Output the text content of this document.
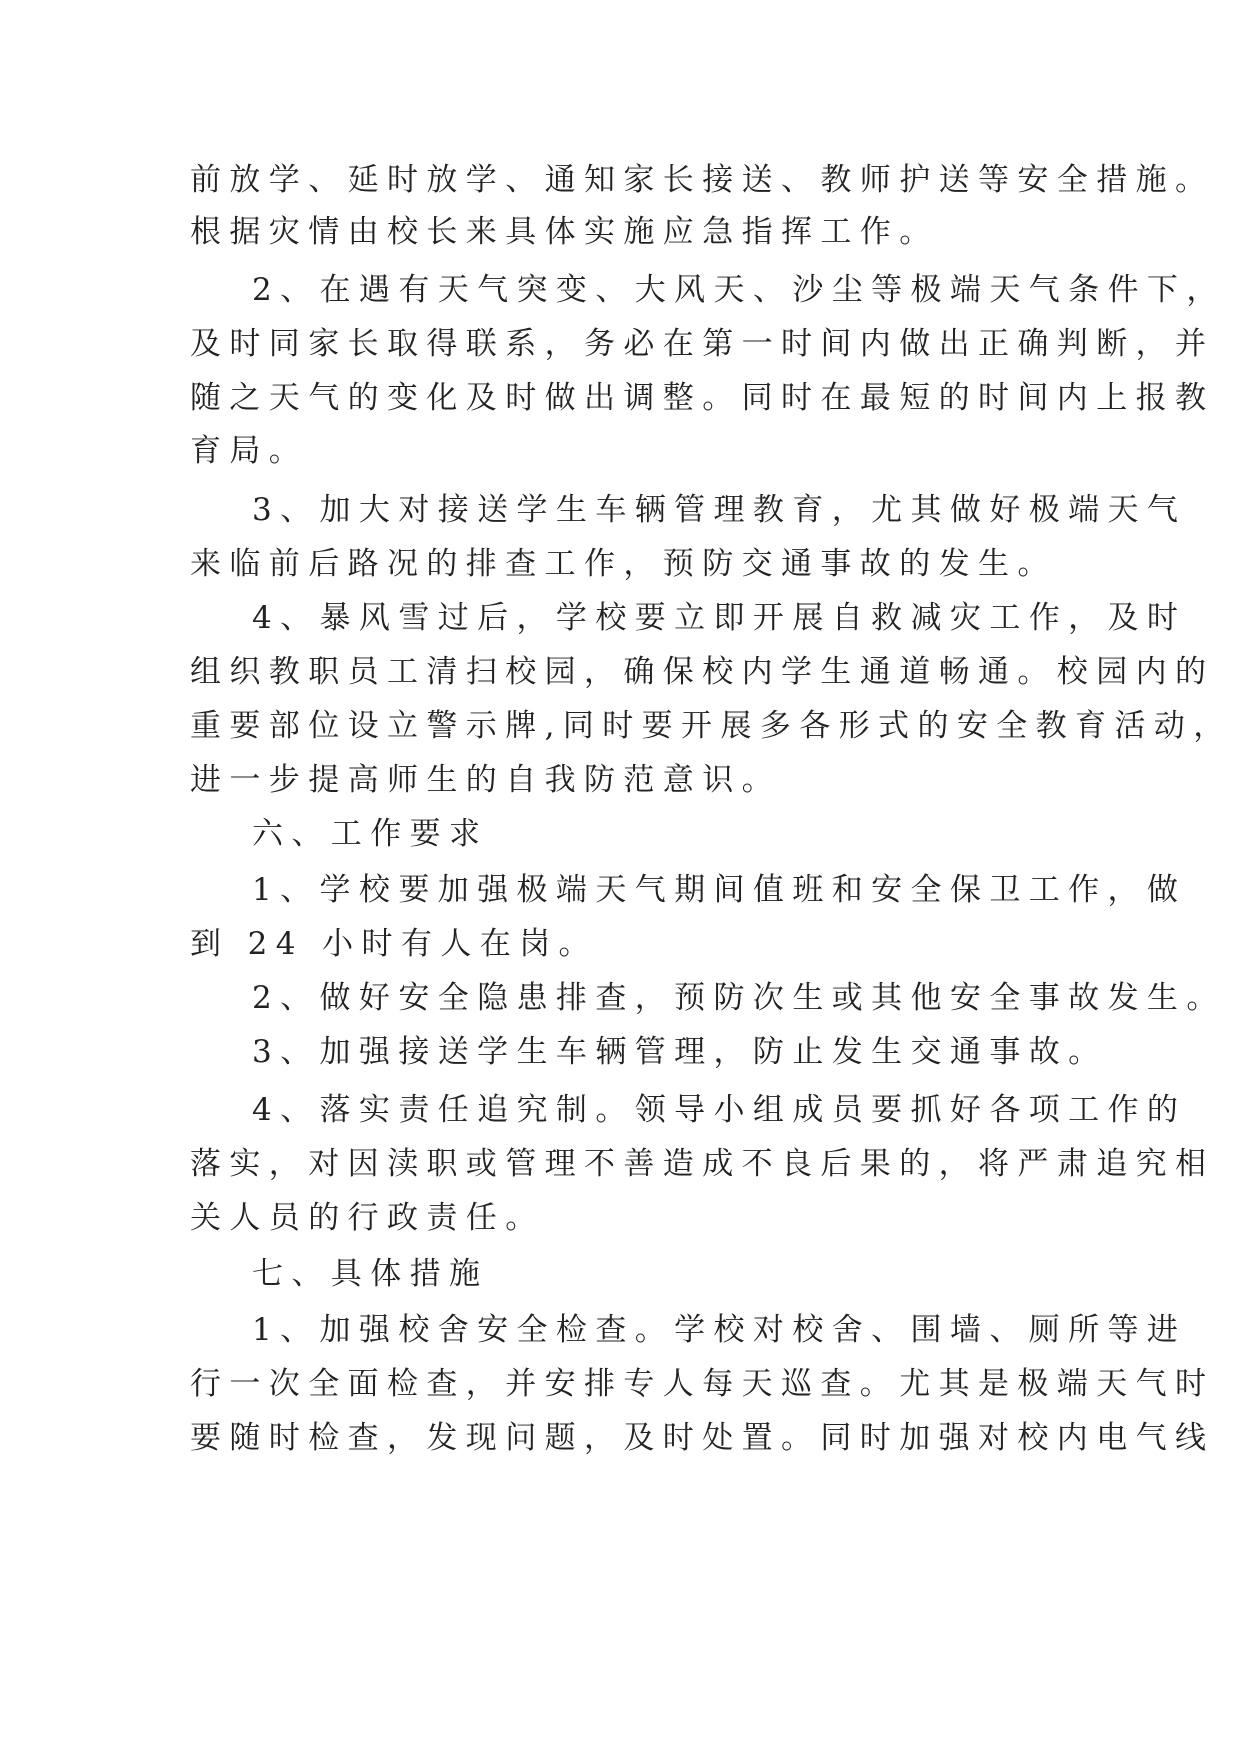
前放学、延时放学、通知家长接送、教师护送等安全措施。
根据灾情由校长来具体实施应急指挥工作。
2、在遇有天气突变、大风天、沙尘等极端天气条件下，
及时同家长取得联系，务必在第一时间内做出正确判断，并
随之天气的变化及时做出调整。同时在最短的时间内上报教
育局。
3、加大对接送学生车辆管理教育，尤其做好极端天气
来临前后路况的排查工作，预防交通事故的发生。
4、暴风雪过后，学校要立即开展自救减灾工作，及时
组织教职员工清扫校园，确保校内学生通道畅通。校园内的
重要部位设立警示牌,同时要开展多各形式的安全教育活动，
进一步提高师生的自我防范意识。
六、工作要求
1、学校要加强极端天气期间值班和安全保卫工作，做
到 24 小时有人在岗。
2、做好安全隐患排查，预防次生或其他安全事故发生。
3、加强接送学生车辆管理，防止发生交通事故。
4、落实责任追究制。领导小组成员要抓好各项工作的
落实，对因渎职或管理不善造成不良后果的，将严肃追究相
关人员的行政责任。
七、具体措施
1、加强校舍安全检查。学校对校舍、围墙、厕所等进
行一次全面检查，并安排专人每天巡查。尤其是极端天气时
要随时检查，发现问题，及时处置。同时加强对校内电气线
